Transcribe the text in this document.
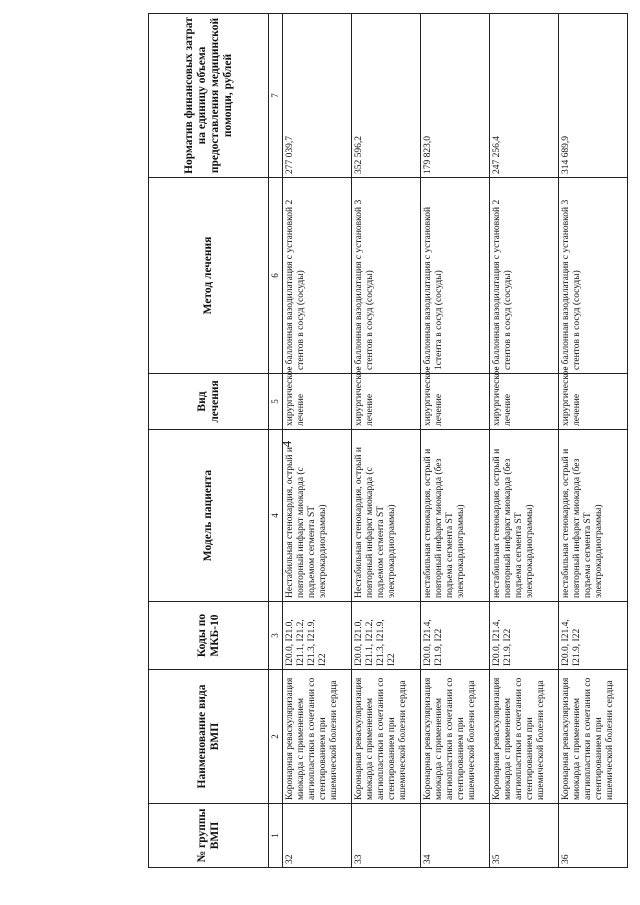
4
№ группы ВМП	Наименование вида ВМП	Коды по МКБ-10	Модель пациента	Вид лечения	Метод лечения	Норматив финансовых затрат на единицу объема предоставления медицинской помощи, рублей
1	2	3	4	5	6	7
32	Коронарная реваскуляризация миокарда с применением ангиопластики в сочетании со стентированием при ишемической болезни сердца	I20.0, I21.0, I21.1, I21.2, I21.3, I21.9, I22	Нестабильная стенокардия, острый и повторный инфаркт миокарда (с подъемом сегмента ST электрокардиограммы)	хирургическое лечение	- баллонная вазодилатация с установкой 2 стентов в сосуд (сосуды)	277 039,7
33	Коронарная реваскуляризация миокарда с применением ангиопластики в сочетании со стентированием при ишемической болезни сердца	I20.0, I21.0, I21.1, I21.2, I21.3, I21.9, I22	Нестабильная стенокардия, острый и повторный инфаркт миокарда (с подъемом сегмента ST электрокардиограммы)	хирургическое лечение	- баллонная вазодилатация с установкой 3 стентов в сосуд (сосуды)	352 596,2
34	Коронарная реваскуляризация миокарда с применением ангиопластики в сочетании со стентированием при ишемической болезни сердца	I20.0, I21.4, I21.9, I22	нестабильная стенокардия, острый и повторный инфаркт миокарда (без подъема сегмента ST электрокардиограммы)	хирургическое лечение	- баллонная вазодилатация с установкой 1стента в сосуд (сосуды)	179 823,0
35	Коронарная реваскуляризация миокарда с применением ангиопластики в сочетании со стентированием при ишемической болезни сердца	I20.0, I21.4, I21.9, I22	нестабильная стенокардия, острый и повторный инфаркт миокарда (без подъема сегмента ST электрокардиограммы)	хирургическое лечение	- баллонная вазодилатация с установкой 2 стентов в сосуд (сосуды)	247 256,4
36	Коронарная реваскуляризация миокарда с применением ангиопластики в сочетании со стентированием при ишемической болезни сердца	I20.0, I21.4, I21.9, I22	нестабильная стенокардия, острый и повторный инфаркт миокарда (без подъема сегмента ST электрокардиограммы)	хирургическое лечение	- баллонная вазодилатация с установкой 3 стентов в сосуд (сосуды)	314 689,9
